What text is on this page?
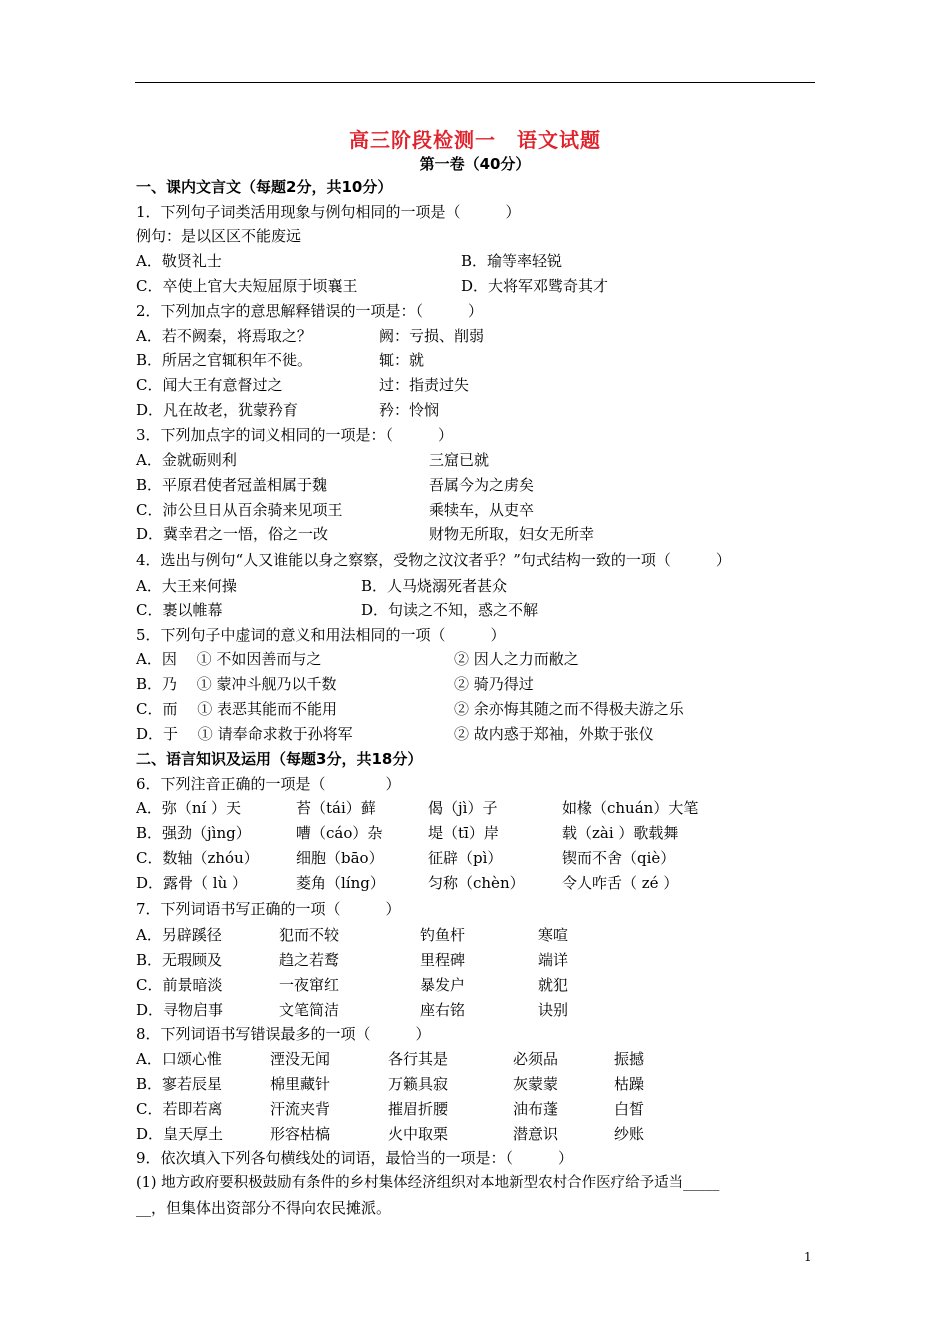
高三阶段检测一　语文试题
第一卷（40分）
一、课内文言文（每题2分，共10分）
1．下列句子词类活用现象与例句相同的一项是（　　　）
例句：是以区区不能废远
A．敬贤礼士	B．瑜等率轻锐
C．卒使上官大夫短屈原于顷襄王	D．大将军邓骘奇其才
2．下列加点字的意思解释错误的一项是：（　　　）
A．若不阙秦，将焉取之？	阙：亏损、削弱
B．所居之官辄积年不徙。	辄：就
C．闻大王有意督过之	过：指责过失
D．凡在故老，犹蒙矜育	矜：怜悯
3．下列加点字的词义相同的一项是：（　　　）
A．金就砺则利	三窟已就
B．平原君使者冠盖相属于魏	吾属今为之虏矣
C．沛公旦日从百余骑来见项王	乘犊车，从吏卒
D．冀幸君之一悟，俗之一改	财物无所取，妇女无所幸
4．选出与例句“人又谁能以身之察察，受物之汶汶者乎？”句式结构一致的一项（　　　）
A．大王来何操	B．人马烧溺死者甚众
C．裹以帷幕	D．句读之不知，惑之不解
5．下列句子中虚词的意义和用法相同的一项（　　　）
A．因　 ① 不如因善而与之	② 因人之力而敝之
B．乃　 ① 蒙冲斗舰乃以千数	② 骑乃得过
C．而　 ① 表恶其能而不能用	② 余亦悔其随之而不得极夫游之乐
D．于　 ① 请奉命求救于孙将军	② 故内惑于郑袖，外欺于张仪
二、语言知识及运用（每题3分，共18分）
6．下列注音正确的一项是（　　　　）
A．弥（ní ）天	苔（tái）藓	偈（jì）子	如椽（chuán）大笔
B．强劲（jìng）	嘈（cáo）杂	堤（tī）岸	载（zài ）歌载舞
C．数轴（zhóu） 细胞（bāo）	征辟（pì）	锲而不舍（qiè）
D．露骨（ lù ）	菱角（líng）	匀称（chèn） 令人咋舌（ zé ）
7．下列词语书写正确的一项（　　　）
A．另辟蹊径	犯而不较	钓鱼杆	寒喧
B．无瑕顾及	趋之若鹜	里程碑	端详
C．前景暗淡	一夜窜红	暴发户	就犯
D．寻物启事	文笔简洁	座右铭	诀别
8．下列词语书写错误最多的一项（　　　）
A．口颂心惟	湮没无闻	各行其是	必须品	振撼
B．寥若辰星	棉里藏针	万籁具寂	灰蒙蒙	枯躁
C．若即若离	汗流夹背	摧眉折腰	油布蓬	白皙
D．皇天厚土	形容枯槁	火中取栗	潜意识	纱账
9．依次填入下列各句横线处的词语，最恰当的一项是：（　　　）
(1) 地方政府要积极鼓励有条件的乡村集体经济组织对本地新型农村合作医疗给予适当_____
__，但集体出资部分不得向农民摊派。
1
